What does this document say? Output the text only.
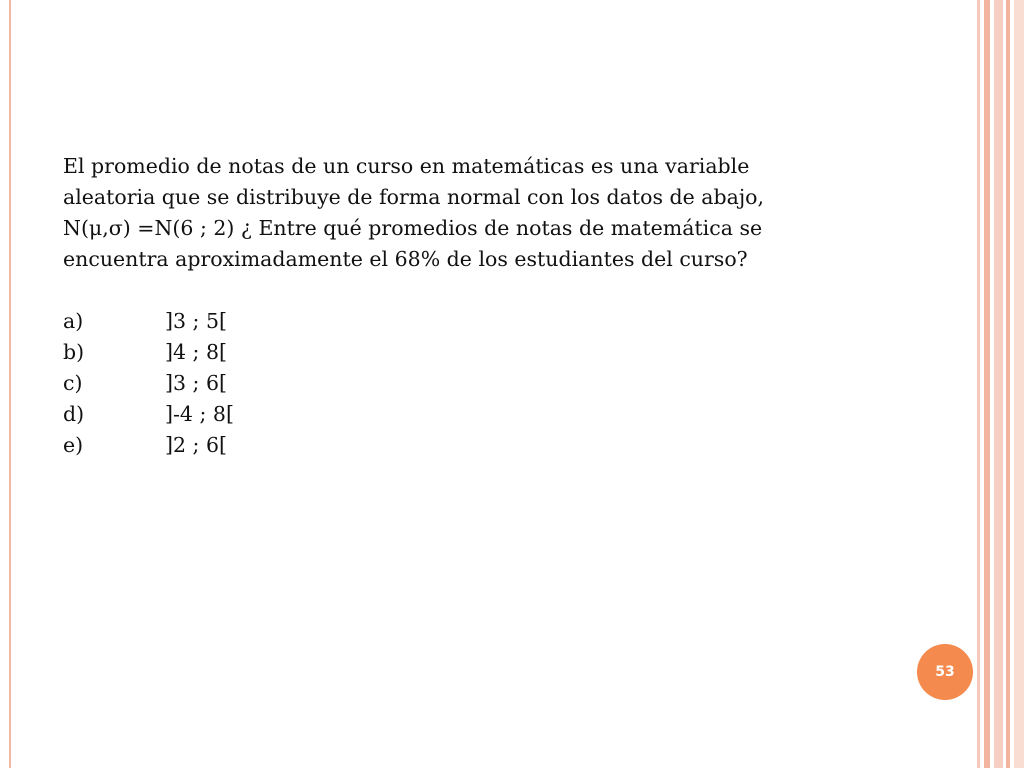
El promedio de notas de un curso en matemáticas es una variable
aleatoria que se distribuye de forma normal con los datos de abajo,
N(μ,σ) =N(6 ; 2) ¿ Entre qué promedios de notas de matemática se
encuentra aproximadamente el 68% de los estudiantes del curso?

a)	]3 ; 5[
b)	]4 ; 8[
c)	]3 ; 6[
d)	]-4 ; 8[
e)	]2 ; 6[
53
